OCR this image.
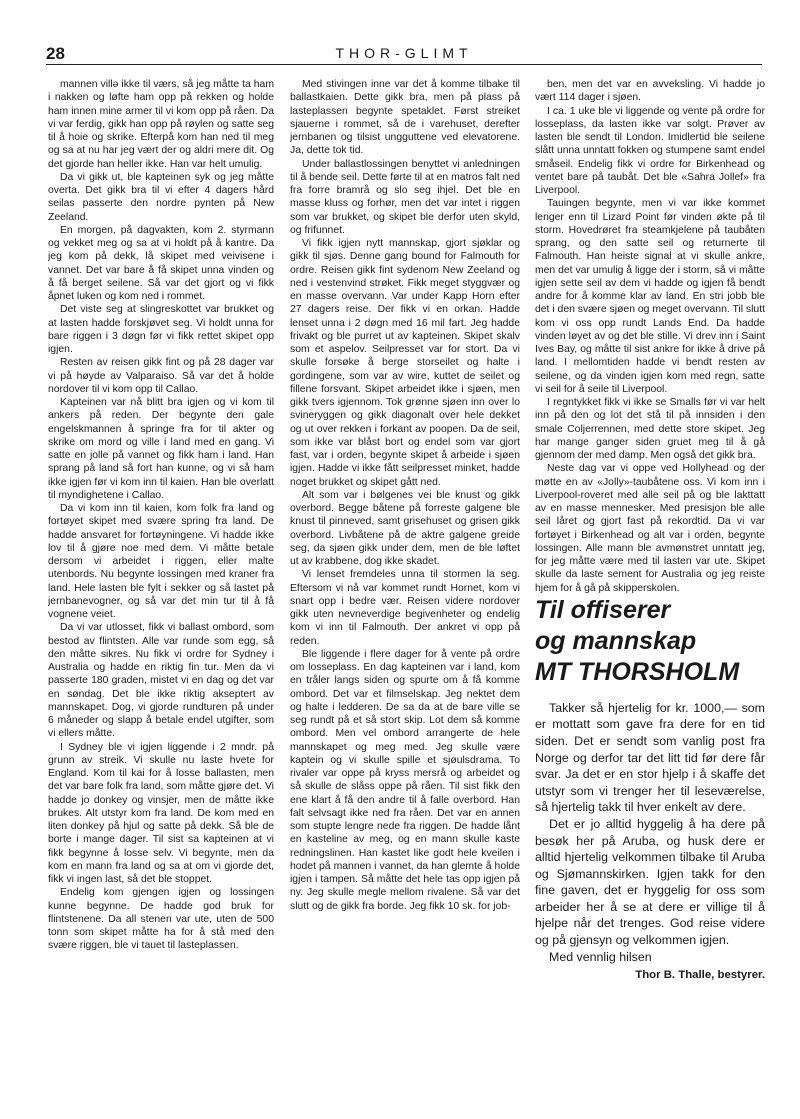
28	THOR-GLIMT

mannen villə ikke til værs, så jeg måtte ta ham i nakken og løfte ham opp på rekken og holde ham innen mine armer til vi kom opp på råen. Da vi var ferdig, gikk han opp på røylen og satte seg til å hoie og skrike. Efterpå kom han ned til meg og sa at nu har jeg vært der og aldri mere dit. Og det gjorde han heller ikke. Han var helt umulig.

Da vi gikk ut, ble kapteinen syk og jeg måtte overta. Det gikk bra til vi efter 4 dagers hård seilas passerte den nordre pynten på New Zeeland.

En morgen, på dagvakten, kom 2. styrmann og vekket meg og sa at vi holdt på å kantre. Da jeg kom på dekk, lå skipet med veivisene i vannet. Det var bare å få skipet unna vinden og å få berget seilene. Så var det gjort og vi fikk åpnet luken og kom ned i rommet.

Det viste seg at slingreskottet var brukket og at lasten hadde forskjøvet seg. Vi holdt unna for bare riggen i 3 døgn før vi fikk rettet skipet opp igjen.

Resten av reisen gikk fint og på 28 dager var vi på høyde av Valparaiso. Så var det å holde nordover til vi kom opp til Callao.

Kapteinen var nå blitt bra igjen og vi kom til ankers på reden. Der begynte den gale engelskmannen å springe fra for til akter og skrike om mord og ville i land med en gang. Vi satte en jolle på vannet og fikk ham i land. Han sprang på land så fort han kunne, og vi så ham ikke igjen før vi kom inn til kaien. Han ble overlatt til myndighetene i Callao.

Da vi kom inn til kaien, kom folk fra land og fortøyet skipet med svære spring fra land. De hadde ansvaret for fortøyningene. Vi hadde ikke lov til å gjøre noe med dem. Vi måtte betale dersom vi arbeidet i riggen, eller malte utenbords. Nu begynte lossingen med kraner fra land. Hele lasten ble fylt i sekker og så lastet på jernbanevogner, og så var det min tur til å få vognene veiet.

Da vi var utlosset, fikk vi ballast ombord, som bestod av flintsten. Alle var runde som egg, så den måtte sikres. Nu fikk vi ordre for Sydney i Australia og hadde en riktig fin tur. Men da vi passerte 180 graden, mistet vi en dag og det var en søndag. Det ble ikke riktig akseptert av mannskapet. Dog, vi gjorde rundturen på under 6 måneder og slapp å betale endel utgifter, som vi ellers måtte.

I Sydney ble vi igjen liggende i 2 mndr. på grunn av streik. Vi skulle nu laste hvete for England. Kom til kai for å losse ballasten, men det var bare folk fra land, som måtte gjøre det. Vi hadde jo donkey og vinsjer, men de måtte ikke brukes. Alt utstyr kom fra land. De kom med en liten donkey på hjul og satte på dekk. Så ble de borte i mange dager. Til sist sa kapteinen at vi fikk begynne å losse selv. Vi begynte, men da kom en mann fra land og sa at om vi gjorde det, fikk vi ingen last, så det ble stoppet.

Endelig kom gjengen igjen og lossingen kunne begynne. De hadde god bruk for flintstenene. Da all stenen var ute, uten de 500 tonn som skipet måtte ha for å stå med den svære riggen, ble vi tauet til lasteplassen.

Med stivingen inne var det å komme tilbake til ballastkaien. Dette gikk bra, men på plass på lasteplassen begynte spetaklet. Først streiket sjauerne i rommet, så de i varehuset, derefter jernbanen og tilsist ungguttene ved elevatorene. Ja, dette tok tid.

Under ballastlossingen benyttet vi anledningen til å bende seil. Dette førte til at en matros falt ned fra forre bramrå og slo seg ihjel. Det ble en masse kluss og forhør, men det var intet i riggen som var brukket, og skipet ble derfor uten skyld, og frifunnet.

Vi fikk igjen nytt mannskap, gjort sjøklar og gikk til sjøs. Denne gang bound for Falmouth for ordre. Reisen gikk fint sydenom New Zeeland og ned i vestenvind strøket. Fikk meget styggvær og en masse overvann. Var under Kapp Horn efter 27 dagers reise. Der fikk vi en orkan. Hadde lenset unna i 2 døgn med 16 mil fart. Jeg hadde frivakt og ble purret ut av kapteinen. Skipet skalv som et aspelov. Seilpresset var for stort. Da vi skulle forsøke å berge storseilet og halte i gordingene, som var av wire, kuttet de seilet og fillene forsvant. Skipet arbeidet ikke i sjøen, men gikk tvers igjennom. Tok grønne sjøen inn over lo svineryggen og gikk diagonalt over hele dekket og ut over rekken i forkant av poopen. Da de seil, som ikke var blåst bort og endel som var gjort fast, var i orden, begynte skipet å arbeide i sjøen igjen. Hadde vi ikke fått seilpresset minket, hadde noget brukket og skipet gått ned.

Alt som var i bølgenes vei ble knust og gikk overbord. Begge båtene på forreste galgene ble knust til pinneved, samt grisehuset og grisen gikk overbord. Livbåtene på de aktre galgene greide seg, da sjøen gikk under dem, men de ble løftet ut av krabbene, dog ikke skadet.

Vi lenset fremdeles unna til stormen la seg. Eftersom vi nå var kommet rundt Hornet, kom vi snart opp i bedre vær. Reisen videre nordover gikk uten nevneverdige begivenheter og endelig kom vi inn til Falmouth. Der ankret vi opp på reden.

Ble liggende i flere dager for å vente på ordre om losseplass. En dag kapteinen var i land, kom en tråler langs siden og spurte om å få komme ombord. Det var et filmselskap. Jeg nektet dem og halte i ledderen. De sa da at de bare ville se seg rundt på et så stort skip. Lot dem så komme ombord. Men vel ombord arrangerte de hele mannskapet og meg med. Jeg skulle være kaptein og vi skulle spille et sjøulsdrama. To rivaler var oppe på kryss mersrå og arbeidet og så skulle de slåss oppe på råen. Til sist fikk den ene klart å få den andre til å falle overbord. Han falt selvsagt ikke ned fra råen. Det var en annen som stupte lengre nede fra riggen. De hadde lånt en kasteline av meg, og en mann skulle kaste redningslinen. Han kastet like godt hele kveilen i hodet på mannen i vannet, da han glemte å holde igjen i tampen. Så måtte det hele tas opp igjen på ny. Jeg skulle megle mellom rivalene. Så var det slutt og de gikk fra borde. Jeg fikk 10 sk. for job-

ben, men det var en avveksling. Vi hadde jo vært 114 dager i sjøen.

I ca. 1 uke ble vi liggende og vente på ordre for losseplass, da lasten ikke var solgt. Prøver av lasten ble sendt til London. Imidlertid ble seilene slått unna unntatt fokken og stumpene samt endel småseil. Endelig fikk vi ordre for Birkenhead og ventet bare på taubåt. Det ble «Sahra Jollef» fra Liverpool.

Tauingen begynte, men vi var ikke kommet lenger enn til Lizard Point før vinden økte på til storm. Hovedrøret fra steamkjelene på taubåten sprang, og den satte seil og returnerte til Falmouth. Han heiste signal at vi skulle ankre, men det var umulig å ligge der i storm, så vi måtte igjen sette seil av dem vi hadde og igjen få bendt andre for å komme klar av land. En stri jobb ble det i den svære sjøen og meget overvann. Til slutt kom vi oss opp rundt Lands End. Da hadde vinden løyet av og det ble stille. Vi drev inn i Saint Ives Bay, og måtte til sist ankre for ikke å drive på land. I mellomtiden hadde vi bendt resten av seilene, og da vinden igjen kom med regn, satte vi seil for å seile til Liverpool.

I regntykket fikk vi ikke se Smalls før vi var helt inn på den og lot det stå til på innsiden i den smale Coljerrennen, med dette store skipet. Jeg har mange ganger siden gruet meg til å gå gjennom der med damp. Men også det gikk bra.

Neste dag var vi oppe ved Hollyhead og der møtte en av «Jolly»-taubåtene oss. Vi kom inn i Liverpool-roveret med alle seil på og ble lakttatt av en masse mennesker. Med presisjon ble alle seil låret og gjort fast på rekordtid. Da vi var fortøyet i Birkenhead og alt var i orden, begynte lossingen. Alle mann ble avmønstret unntatt jeg, for jeg måtte være med til lasten var ute. Skipet skulle da laste sement for Australia og jeg reiste hjem for å gå på skipperskolen.

Til offiserer

og mannskap

MT THORSHOLM

Takker så hjertelig for kr. 1000,— som er mottatt som gave fra dere for en tid siden. Det er sendt som vanlig post fra Norge og derfor tar det litt tid før dere får svar. Ja det er en stor hjelp i å skaffe det utstyr som vi trenger her til leseværelse, så hjertelig takk til hver enkelt av dere.

Det er jo alltid hyggelig å ha dere på besøk her på Aruba, og husk dere er alltid hjertelig velkommen tilbake til Aruba og Sjømannskirken. Igjen takk for den fine gaven, det er hyggelig for oss som arbeider her å se at dere er villige til å hjelpe når det trenges. God reise videre og på gjensyn og velkommen igjen.

Med vennlig hilsen

Thor B. Thalle, bestyrer.
